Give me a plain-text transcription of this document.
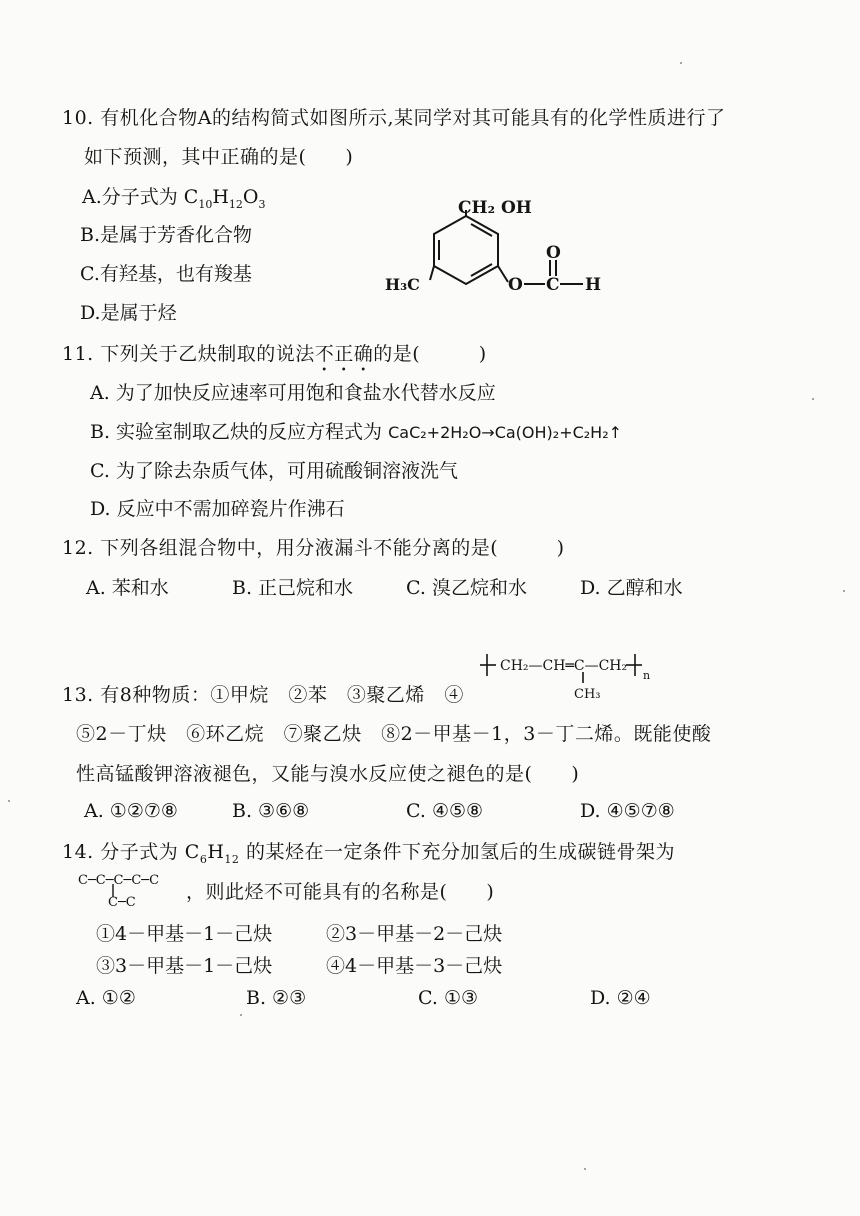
10. 有机化合物A的结构简式如图所示,某同学对其可能具有的化学性质进行了
如下预测，其中正确的是(　　)
A.分子式为 $C_{10}H_{12}O_3$
B.是属于芳香化合物
C.有羟基，也有羧基
D.是属于烃
CH₂ OH
H₃C	O
O
C H
11. 下列关于乙炔制取的说法不正确的是(　　　)
A. 为了加快反应速率可用饱和食盐水代替水反应
B. 实验室制取乙炔的反应方程式为 CaC₂+2H₂O→Ca(OH)₂+C₂H₂↑
C. 为了除去杂质气体，可用硫酸铜溶液洗气
D. 反应中不需加碎瓷片作沸石
12. 下列各组混合物中，用分液漏斗不能分离的是(　　　)
A. 苯和水	B. 正己烷和水	C. 溴乙烷和水	D. 乙醇和水
CH₂—CH═C—CH₂
CH₃
n
13. 有8种物质：①甲烷　②苯　③聚乙烯　④
⑤2－丁炔　⑥环乙烷　⑦聚乙炔　⑧2－甲基－1，3－丁二烯。既能使酸
性高锰酸钾溶液褪色，又能与溴水反应使之褪色的是(　　)
A. ①②⑦⑧	B. ③⑥⑧	C. ④⑤⑧	D. ④⑤⑦⑧
14. 分子式为 $C_6H_{12}$ 的某烃在一定条件下充分加氢后的生成碳链骨架为
C─C─C─C─C
C─C	，则此烃不可能具有的名称是(　　)
①4－甲基－1－己炔	②3－甲基－2－己炔
③3－甲基－1－己炔	④4－甲基－3－己炔
A. ①②	B. ②③	C. ①③	D. ②④
